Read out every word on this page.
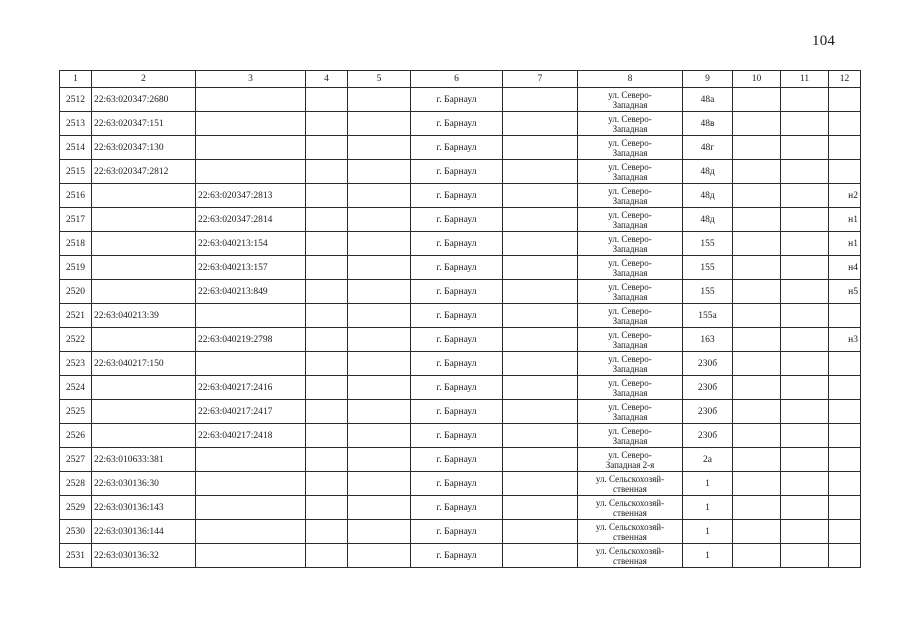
104
1	2	3	4	5	6	7	8	9	10	11	12
2512	22:63:020347:2680				г. Барнаул		ул. Северо-
Западная	48а			
2513	22:63:020347:151				г. Барнаул		ул. Северо-
Западная	48в			
2514	22:63:020347:130				г. Барнаул		ул. Северо-
Западная	48г			
2515	22:63:020347:2812				г. Барнаул		ул. Северо-
Западная	48д			
2516		22:63:020347:2813			г. Барнаул		ул. Северо-
Западная	48д			н2
2517		22:63:020347:2814			г. Барнаул		ул. Северо-
Западная	48д			н1
2518		22:63:040213:154			г. Барнаул		ул. Северо-
Западная	155			н1
2519		22:63:040213:157			г. Барнаул		ул. Северо-
Западная	155			н4
2520		22:63:040213:849			г. Барнаул		ул. Северо-
Западная	155			н5
2521	22:63:040213:39				г. Барнаул		ул. Северо-
Западная	155а			
2522		22:63:040219:2798			г. Барнаул		ул. Северо-
Западная	163			н3
2523	22:63:040217:150				г. Барнаул		ул. Северо-
Западная	230б			
2524		22:63:040217:2416			г. Барнаул		ул. Северо-
Западная	230б			
2525		22:63:040217:2417			г. Барнаул		ул. Северо-
Западная	230б			
2526		22:63:040217:2418			г. Барнаул		ул. Северо-
Западная	230б			
2527	22:63:010633:381				г. Барнаул		ул. Северо-
Западная 2-я	2а			
2528	22:63:030136:30				г. Барнаул		ул. Сельскохозяй-
ственная	1			
2529	22:63:030136:143				г. Барнаул		ул. Сельскохозяй-
ственная	1			
2530	22:63:030136:144				г. Барнаул		ул. Сельскохозяй-
ственная	1			
2531	22:63:030136:32				г. Барнаул		ул. Сельскохозяй-
ственная	1			
